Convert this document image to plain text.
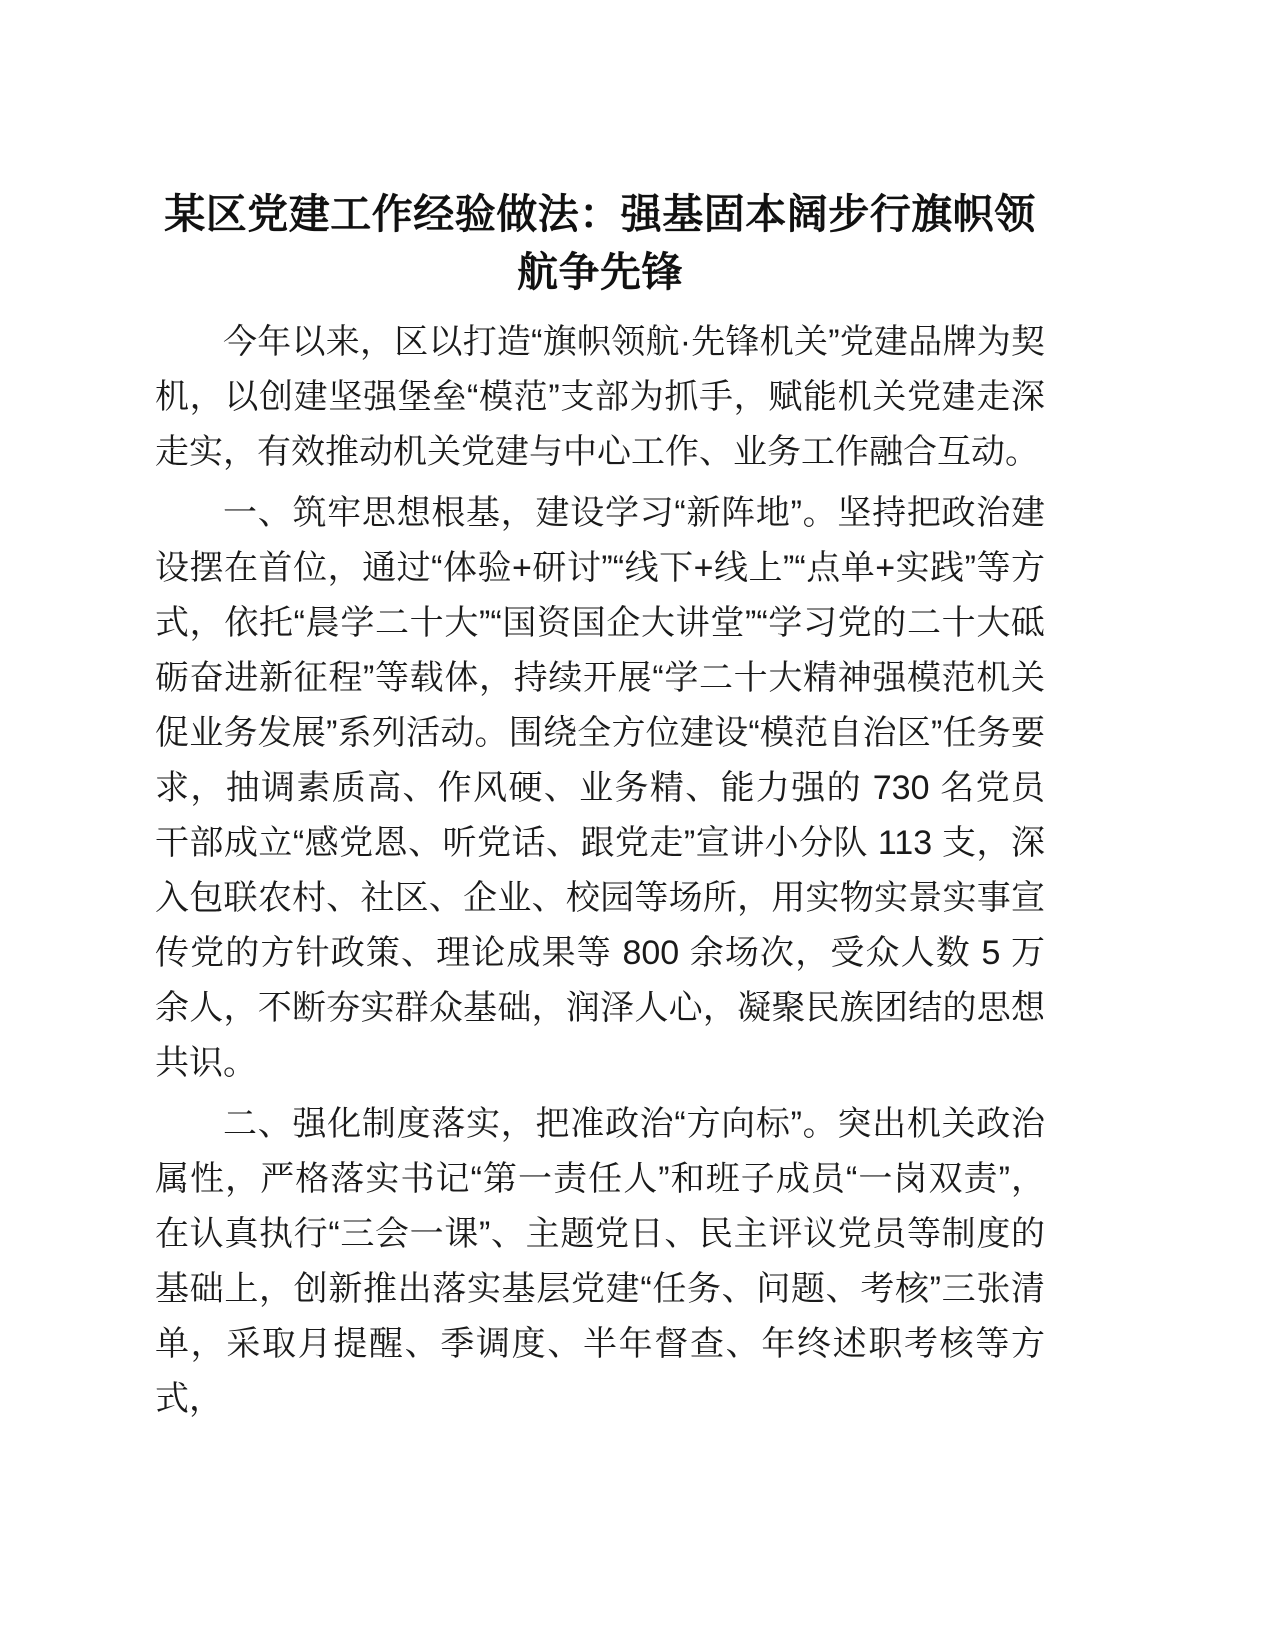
某区党建工作经验做法：强基固本阔步行旗帜领航争先锋

今年以来，区以打造“旗帜领航·先锋机关”党建品牌为契机，以创建坚强堡垒“模范”支部为抓手，赋能机关党建走深走实，有效推动机关党建与中心工作、业务工作融合互动。

一、筑牢思想根基，建设学习“新阵地”。坚持把政治建设摆在首位，通过“体验+研讨”“线下+线上”“点单+实践”等方式，依托“晨学二十大”“国资国企大讲堂”“学习党的二十大砥砺奋进新征程”等载体，持续开展“学二十大精神强模范机关促业务发展”系列活动。围绕全方位建设“模范自治区”任务要求，抽调素质高、作风硬、业务精、能力强的 730 名党员干部成立“感党恩、听党话、跟党走”宣讲小分队 113 支，深入包联农村、社区、企业、校园等场所，用实物实景实事宣传党的方针政策、理论成果等 800 余场次，受众人数 5 万余人，不断夯实群众基础，润泽人心，凝聚民族团结的思想共识。

二、强化制度落实，把准政治“方向标”。突出机关政治属性，严格落实书记“第一责任人”和班子成员“一岗双责”，在认真执行“三会一课”、主题党日、民主评议党员等制度的基础上，创新推出落实基层党建“任务、问题、考核”三张清单，采取月提醒、季调度、半年督查、年终述职考核等方式，
